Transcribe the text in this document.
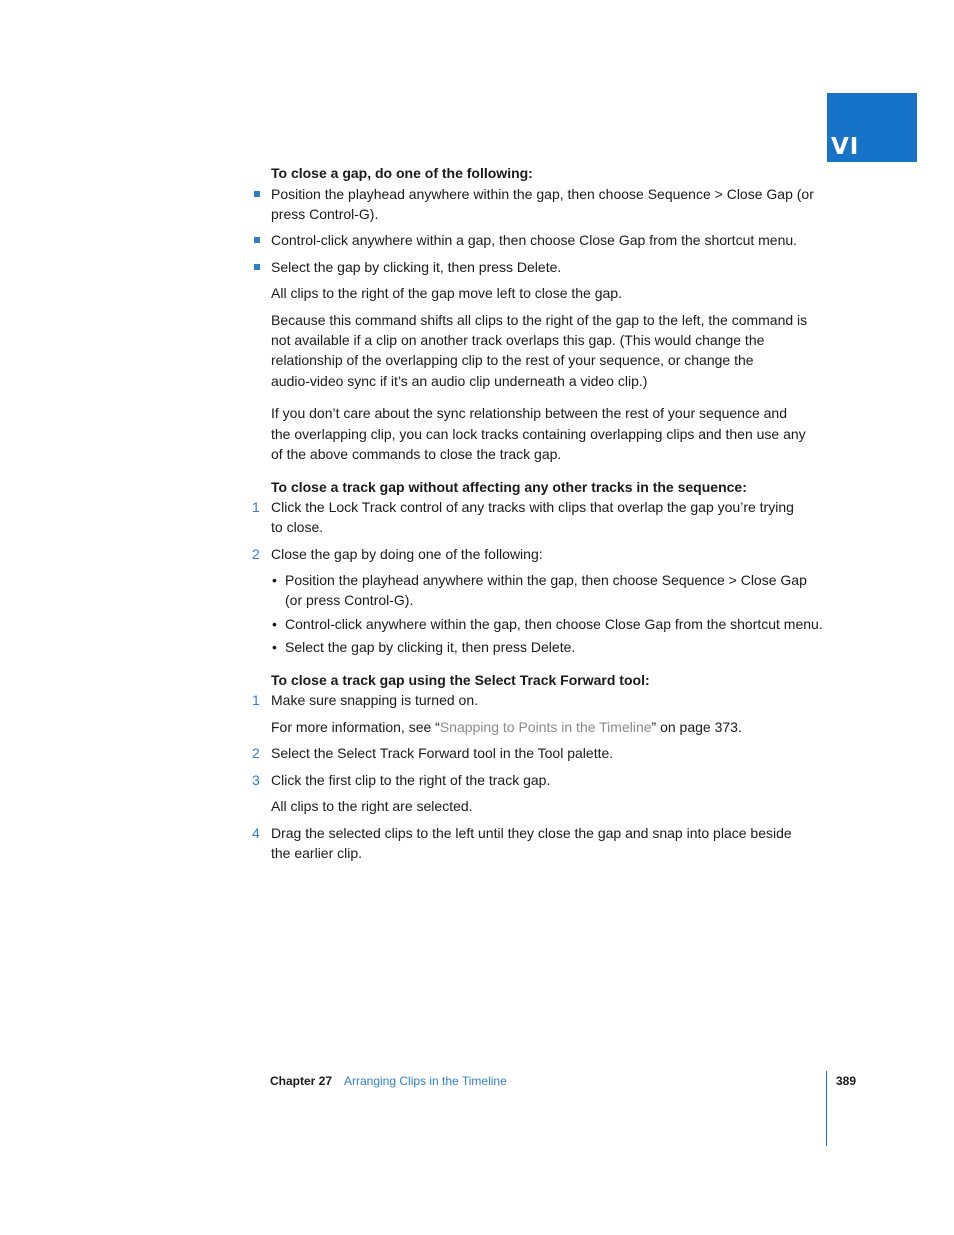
VI
To close a gap, do one of the following:
Position the playhead anywhere within the gap, then choose Sequence > Close Gap (or
press Control-G).
Control-click anywhere within a gap, then choose Close Gap from the shortcut menu.
Select the gap by clicking it, then press Delete.
All clips to the right of the gap move left to close the gap.
Because this command shifts all clips to the right of the gap to the left, the command is
not available if a clip on another track overlaps this gap. (This would change the
relationship of the overlapping clip to the rest of your sequence, or change the
audio-video sync if it’s an audio clip underneath a video clip.)
If you don’t care about the sync relationship between the rest of your sequence and
the overlapping clip, you can lock tracks containing overlapping clips and then use any
of the above commands to close the track gap.
To close a track gap without affecting any other tracks in the sequence:
1 Click the Lock Track control of any tracks with clips that overlap the gap you’re trying
to close.
2 Close the gap by doing one of the following:
• Position the playhead anywhere within the gap, then choose Sequence > Close Gap
(or press Control-G).
• Control-click anywhere within the gap, then choose Close Gap from the shortcut menu.
• Select the gap by clicking it, then press Delete.
To close a track gap using the Select Track Forward tool:
1 Make sure snapping is turned on.
For more information, see “Snapping to Points in the Timeline” on page 373.
2 Select the Select Track Forward tool in the Tool palette.
3 Click the first clip to the right of the track gap.
All clips to the right are selected.
4 Drag the selected clips to the left until they close the gap and snap into place beside
the earlier clip.
Chapter 27 Arranging Clips in the Timeline	389
